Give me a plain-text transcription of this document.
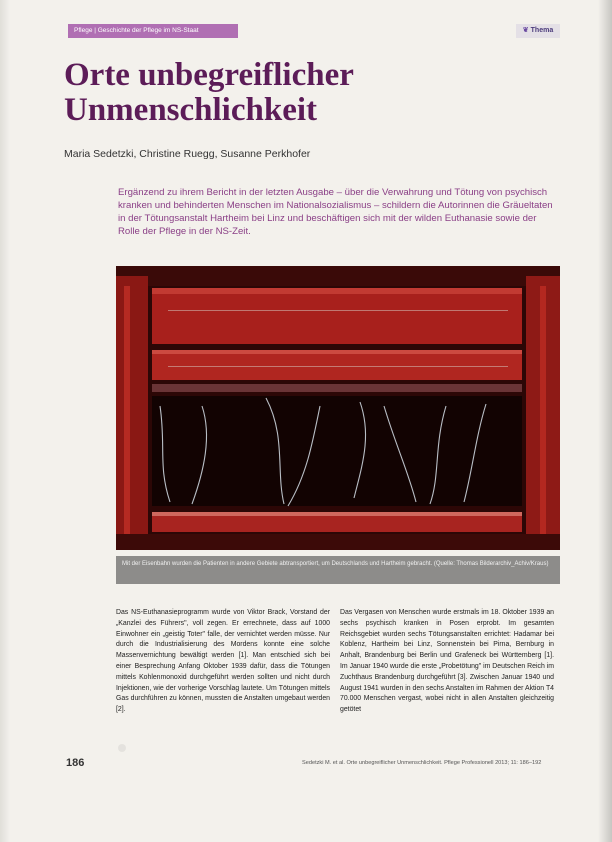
Pflege | Geschichte der Pflege im NS-Staat	❦ Thema
Orte unbegreiflicher Unmenschlichkeit
Maria Sedetzki, Christine Ruegg, Susanne Perkhofer

Ergänzend zu ihrem Bericht in der letzten Ausgabe – über die Verwahrung und Tötung von psychisch kranken und behinderten Menschen im Nationalsozialismus – schildern die Autorinnen die Gräueltaten in der Tötungsanstalt Hartheim bei Linz und beschäftigen sich mit der wilden Euthanasie sowie der Rolle der Pflege in der NS-Zeit.

Mit der Eisenbahn wurden die Patienten in andere Gebiete abtransportiert, um Deutschlands und Hartheim gebracht. (Quelle: Thomas Bilderarchiv_Achiv/Kraus)

Das NS-Euthanasieprogramm wurde von Viktor Brack, Vorstand der „Kanzlei des Führers", voll zegen. Er errechnete, dass auf 1000 Einwohner ein „geistig Toter" falle, der vernichtet werden müsse. Nur durch die Industrialisierung des Mordens konnte eine solche Massenvernichtung bewältigt werden [1]. Man entschied sich bei einer Besprechung Anfang Oktober 1939 dafür, dass die Tötungen mittels Kohlenmonoxid durchgeführt werden sollten und nicht durch Injektionen, wie der vorherige Vorschlag lautete. Um Tötungen mittels Gas durchführen zu können, mussten die Anstalten umgebaut werden [2].

Das Vergasen von Menschen wurde erstmals im 18. Oktober 1939 an sechs psychisch kranken in Posen erprobt. Im gesamten Reichsgebiet wurden sechs Tötungsanstalten errichtet: Hadamar bei Koblenz, Hartheim bei Linz, Sonnenstein bei Pirna, Bernburg in Anhalt, Brandenburg bei Berlin und Grafeneck bei Württemberg [1]. Im Januar 1940 wurde die erste „Probetötung" im Deutschen Reich im Zuchthaus Brandenburg durchgeführt [3]. Zwischen Januar 1940 und August 1941 wurden in den sechs Anstalten im Rahmen der Aktion T4 70.000 Menschen vergast, wobei nicht in allen Anstalten gleichzeitig getötet

186	Sedetzki M. et al. Orte unbegreiflicher Unmenschlichkeit. Pflege Professionell 2013; 11: 186–192
